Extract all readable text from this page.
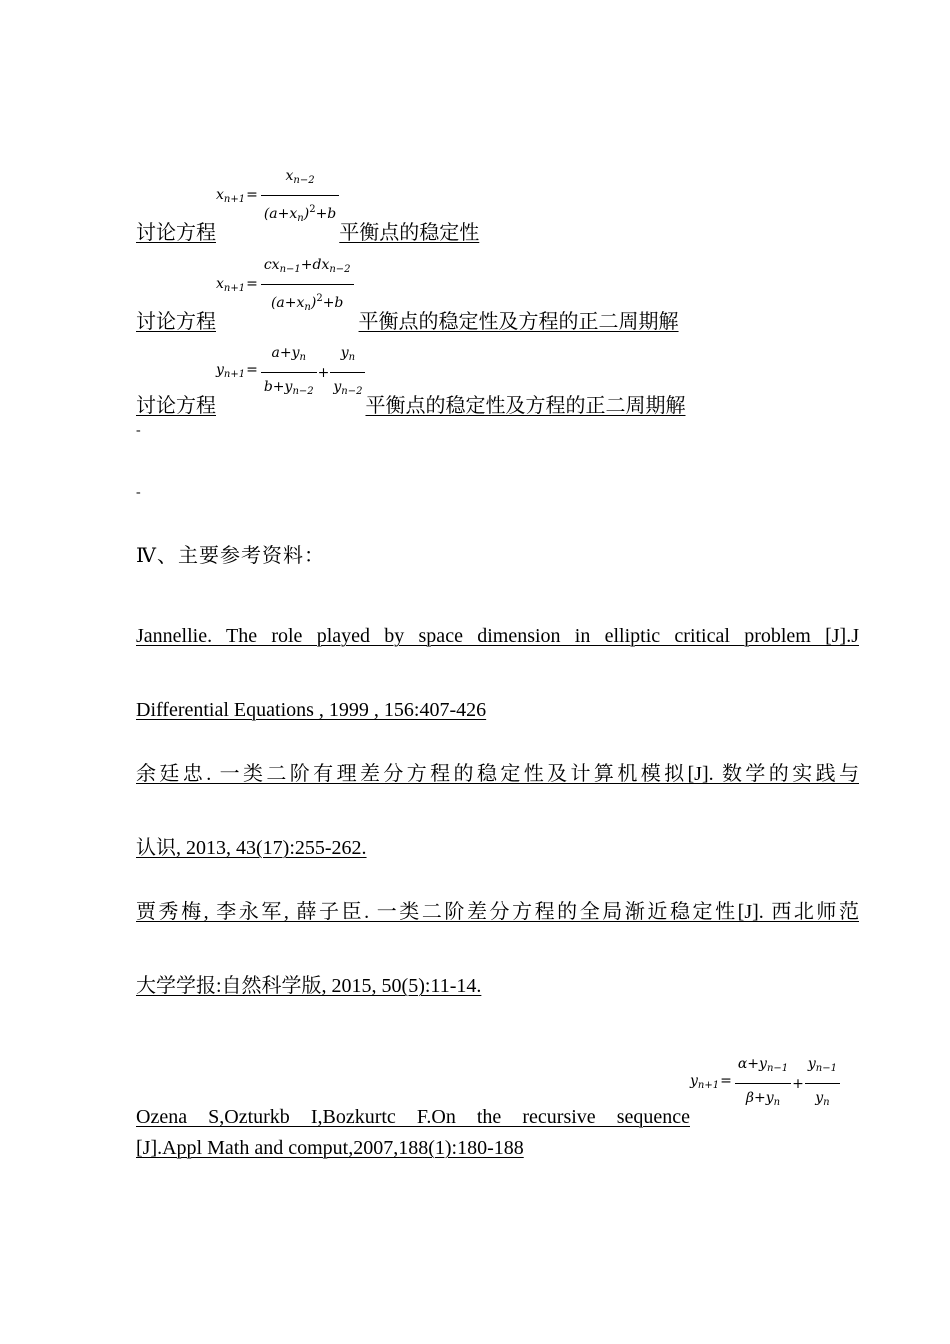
讨论方程$x_{n+1}= \frac{x_{n-2}}{(a+x_n)^2+b}$
平衡点的稳定性
讨论方程$x_{n+1}= \frac{cx_{n-1}+dx_{n-2}}{(a+x_n)^2+b}$
平衡点的稳定性及方程的正二周期解
讨论方程$y_{n+1}= \frac{a+y_n}{b+y_{n-2}} + \frac{y_n}{y_{n-2}}$
平衡点的稳定性及方程的正二周期解
-
-
Ⅳ、主要参考资料：
Jannellie. The role played by space dimension in elliptic critical problem [J].J
Differential Equations , 1999 , 156:407-426
余廷忠. 一类二阶有理差分方程的稳定性及计算机模拟[J]. 数学的实践与
认识, 2013, 43(17):255-262.
贾秀梅, 李永军, 薛子臣. 一类二阶差分方程的全局渐近稳定性[J]. 西北师范
大学学报:自然科学版, 2015, 50(5):11-14.
Ozena S,Ozturkb I,Bozkurtc F.On the recursive sequencey$_{n+1}$= $\frac{\alpha+y_{n-1}}{\beta+y_n} + \frac{y_{n-1}}{y_n}$
[J].Appl Math and comput,2007,188(1):180-188
